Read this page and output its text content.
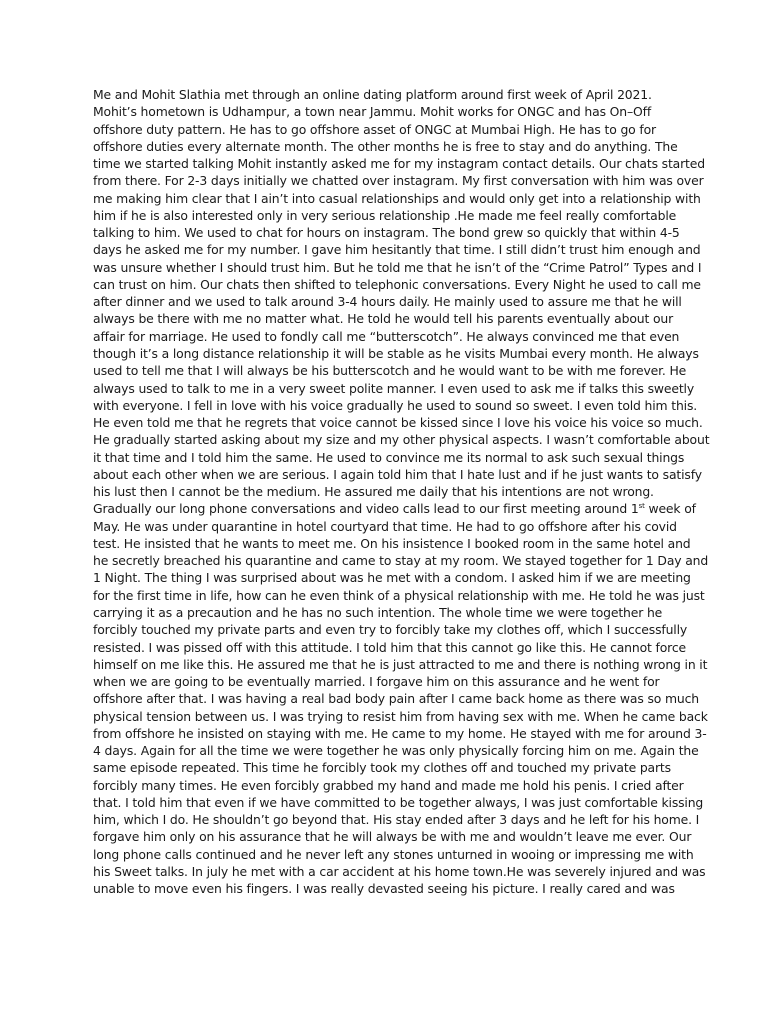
Me and Mohit Slathia met through an online dating platform around first week of April 2021.
Mohit’s hometown is Udhampur, a town near Jammu. Mohit works for ONGC and has On–Off
offshore duty pattern. He has to go offshore asset of ONGC at Mumbai High. He has to go for
offshore duties every alternate month. The other months he is free to stay and do anything. The
time we started talking Mohit instantly asked me for my instagram contact details. Our chats started
from there. For 2-3 days initially we chatted over instagram. My first conversation with him was over
me making him clear that I ain’t into casual relationships and would only get into a relationship with
him if he is also interested only in very serious relationship .He made me feel really comfortable
talking to him. We used to chat for hours on instagram. The bond grew so quickly that within 4-5
days he asked me for my number. I gave him hesitantly that time. I still didn’t trust him enough and
was unsure whether I should trust him. But he told me that he isn’t of the “Crime Patrol” Types and I
can trust on him. Our chats then shifted to telephonic conversations. Every Night he used to call me
after dinner and we used to talk around 3-4 hours daily. He mainly used to assure me that he will
always be there with me no matter what. He told he would tell his parents eventually about our
affair for marriage. He used to fondly call me “butterscotch”. He always convinced me that even
though it’s a long distance relationship it will be stable as he visits Mumbai every month. He always
used to tell me that I will always be his butterscotch and he would want to be with me forever. He
always used to talk to me in a very sweet polite manner. I even used to ask me if talks this sweetly
with everyone. I fell in love with his voice gradually he used to sound so sweet. I even told him this.
He even told me that he regrets that voice cannot be kissed since I love his voice his voice so much.
He gradually started asking about my size and my other physical aspects. I wasn’t comfortable about
it that time and I told him the same. He used to convince me its normal to ask such sexual things
about each other when we are serious. I again told him that I hate lust and if he just wants to satisfy
his lust then I cannot be the medium. He assured me daily that his intentions are not wrong.
Gradually our long phone conversations and video calls lead to our first meeting around 1st week of
May. He was under quarantine in hotel courtyard that time. He had to go offshore after his covid
test. He insisted that he wants to meet me. On his insistence I booked room in the same hotel and
he secretly breached his quarantine and came to stay at my room. We stayed together for 1 Day and
1 Night. The thing I was surprised about was he met with a condom. I asked him if we are meeting
for the first time in life, how can he even think of a physical relationship with me. He told he was just
carrying it as a precaution and he has no such intention. The whole time we were together he
forcibly touched my private parts and even try to forcibly take my clothes off, which I successfully
resisted. I was pissed off with this attitude. I told him that this cannot go like this. He cannot force
himself on me like this. He assured me that he is just attracted to me and there is nothing wrong in it
when we are going to be eventually married. I forgave him on this assurance and he went for
offshore after that. I was having a real bad body pain after I came back home as there was so much
physical tension between us. I was trying to resist him from having sex with me. When he came back
from offshore he insisted on staying with me. He came to my home. He stayed with me for around 3-
4 days. Again for all the time we were together he was only physically forcing him on me. Again the
same episode repeated. This time he forcibly took my clothes off and touched my private parts
forcibly many times. He even forcibly grabbed my hand and made me hold his penis. I cried after
that. I told him that even if we have committed to be together always, I was just comfortable kissing
him, which I do. He shouldn’t go beyond that. His stay ended after 3 days and he left for his home. I
forgave him only on his assurance that he will always be with me and wouldn’t leave me ever. Our
long phone calls continued and he never left any stones unturned in wooing or impressing me with
his Sweet talks. In july he met with a car accident at his home town.He was severely injured and was
unable to move even his fingers. I was really devasted seeing his picture. I really cared and was
